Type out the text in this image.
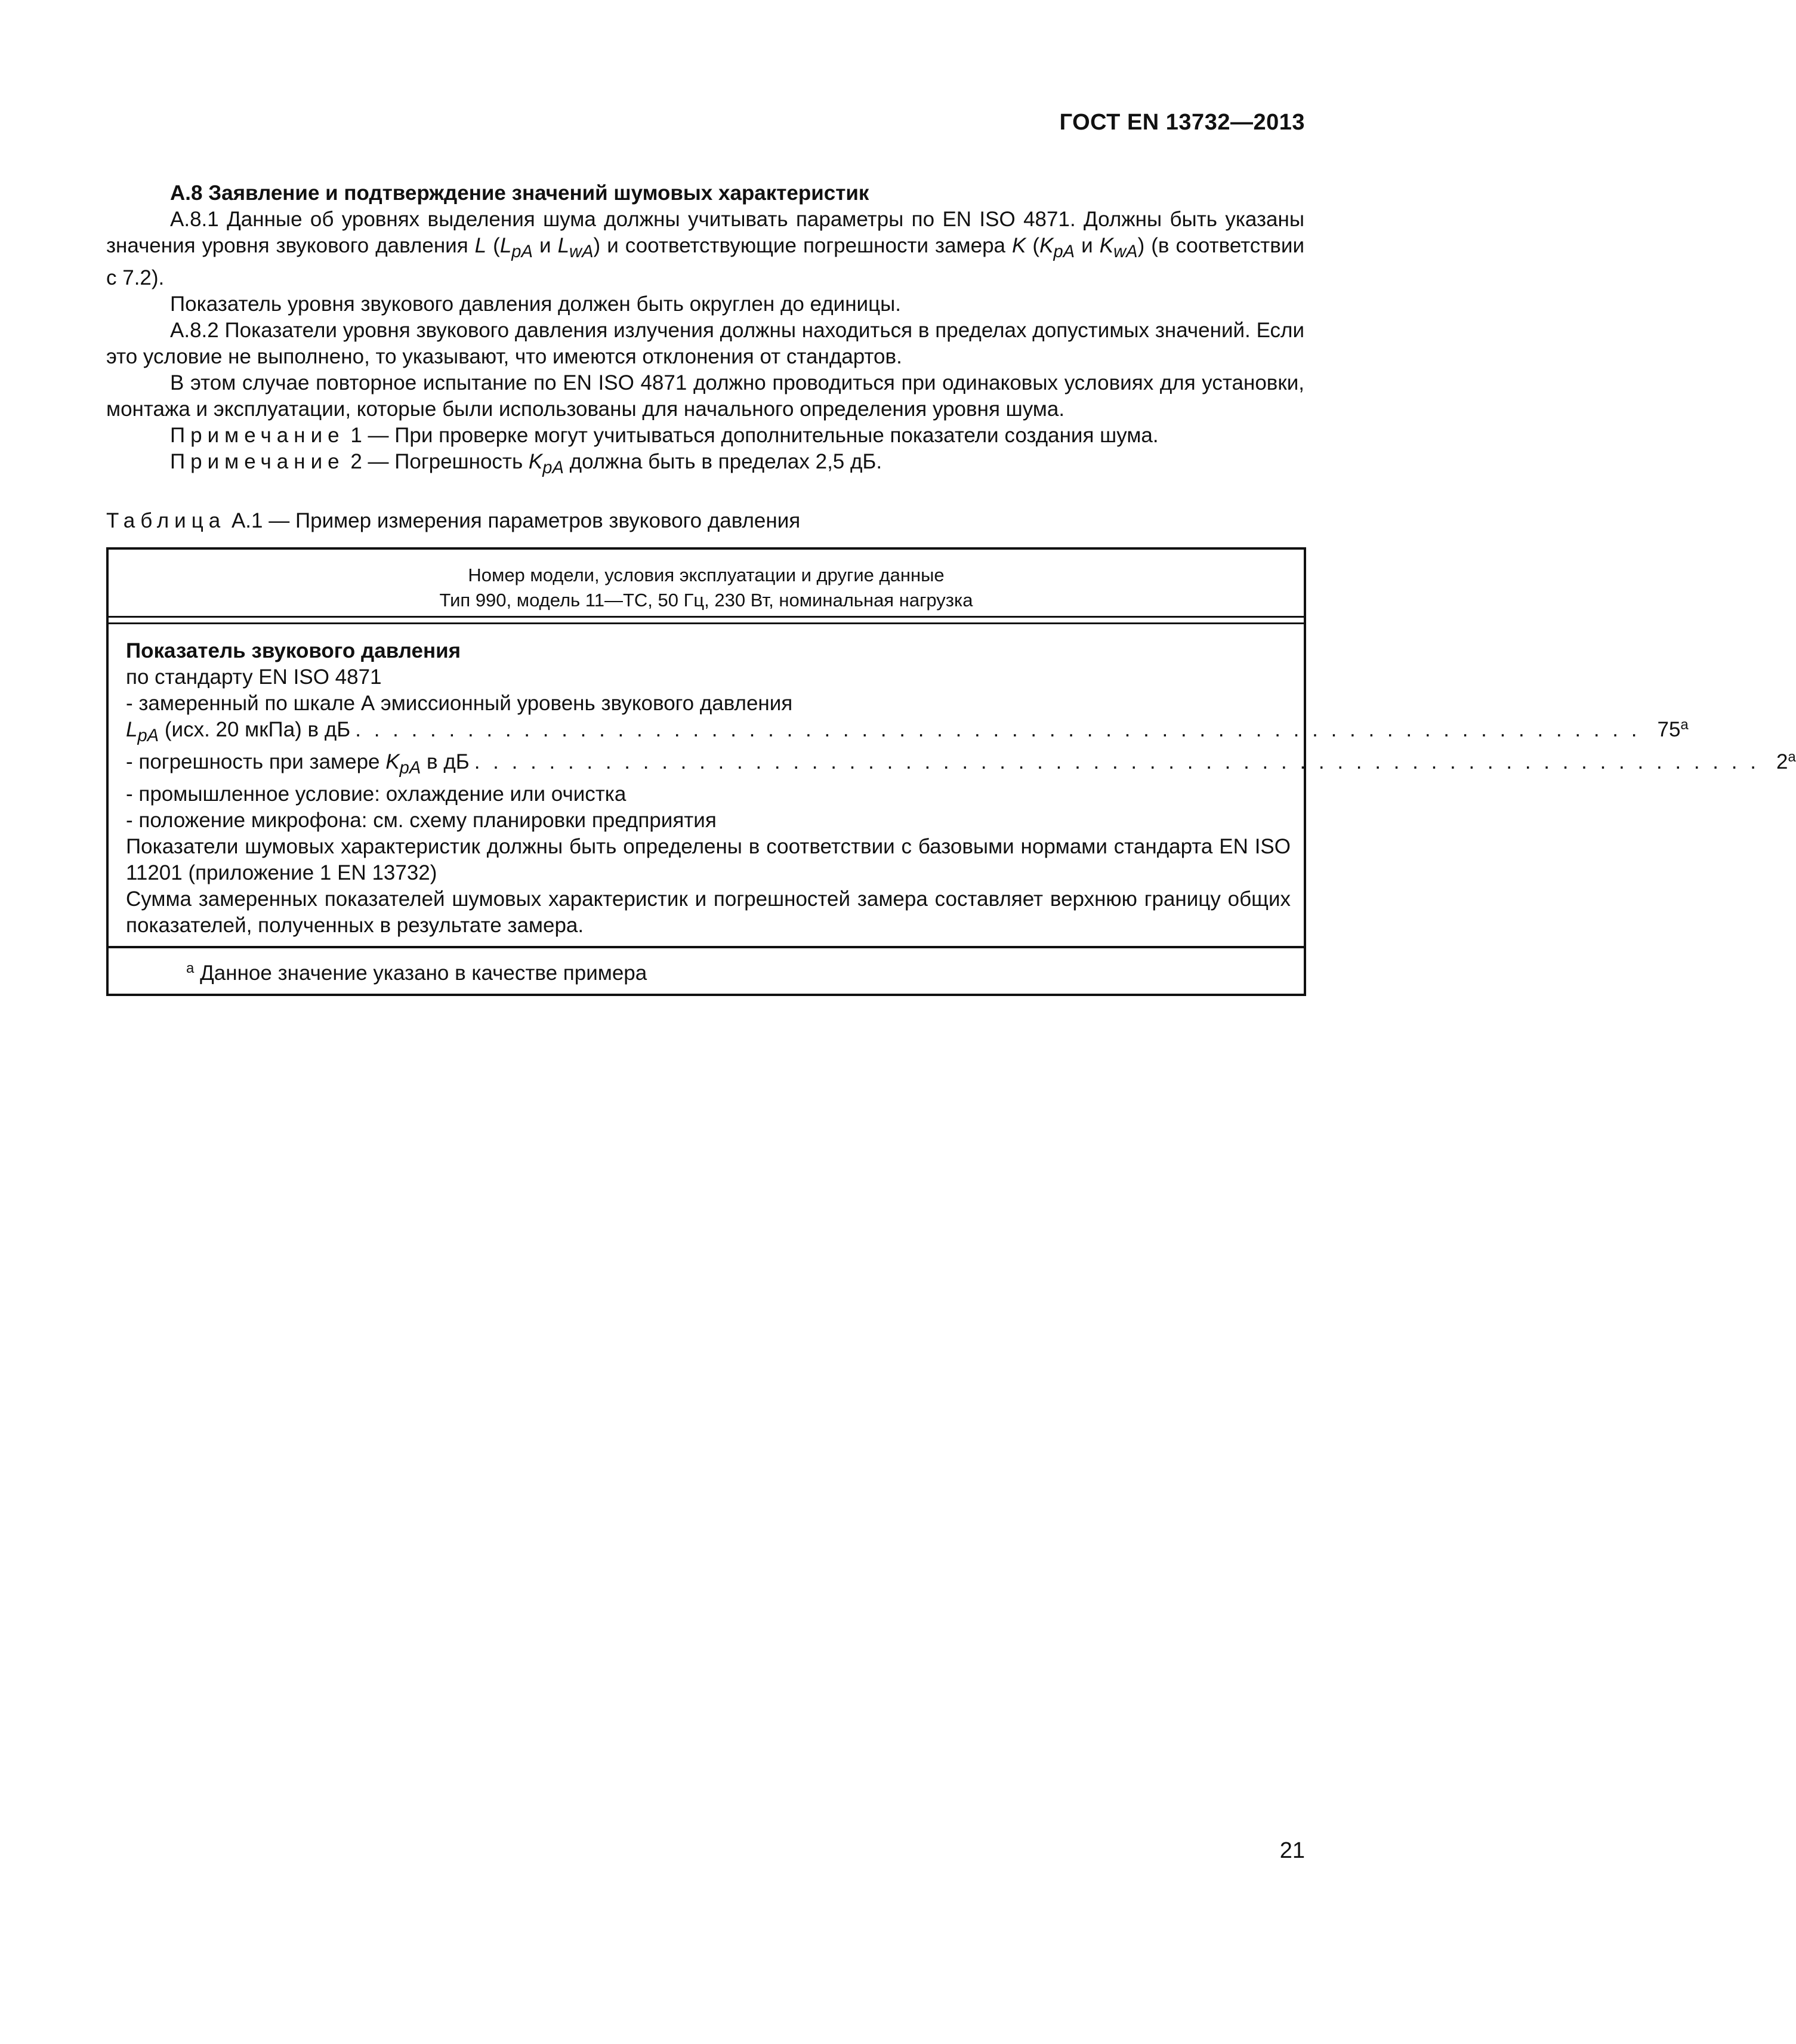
ГОСТ EN 13732—2013

А.8 Заявление и подтверждение значений шумовых характеристик

А.8.1 Данные об уровнях выделения шума должны учитывать параметры по EN ISO 4871. Должны быть указаны значения уровня звукового давления L ($L_{pA}$ и $L_{wA}$) и соответствующие погрешности замера K ($K_{pA}$ и $K_{wA}$) (в соответствии с 7.2).

Показатель уровня звукового давления должен быть округлен до единицы.

А.8.2 Показатели уровня звукового давления излучения должны находиться в пределах допустимых значений. Если это условие не выполнено, то указывают, что имеются отклонения от стандартов.

В этом случае повторное испытание по EN ISO 4871 должно проводиться при одинаковых условиях для установки, монтажа и эксплуатации, которые были использованы для начального определения уровня шума.

Примечание 1 — При проверке могут учитываться дополнительные показатели создания шума.

Примечание 2 — Погрешность $K_{pA}$ должна быть в пределах 2,5 дБ.

Таблица А.1 — Пример измерения параметров звукового давления
Номер модели, условия эксплуатации и другие данные
Тип 990, модель 11—ТС, 50 Гц, 230 Вт, номинальная нагрузка
Показатель звукового давления
по стандарту EN ISO 4871
- замеренный по шкале А эмиссионный уровень звукового давления
$L_{pA}$ (исх. 20 мкПа) в дБ . . . . . . . . . . . . . . . . . . . . . . . . . . . . . . . . . . . . . . . . . . . . . . . . . . . . . . . . . . . . . . . . . . . . . 75$^a$
- погрешность при замере $K_{pA}$ в дБ . . . . . . . . . . . . . . . . . . . . . . . . . . . . . . . . . . . . . . . . . . . . . . . . . . . . . . . . . . . . . . . . . . . . . 2$^a$
- промышленное условие: охлаждение или очистка
- положение микрофона: см. схему планировки предприятия
Показатели шумовых характеристик должны быть определены в соответствии с базовыми нормами стандарта EN ISO 11201 (приложение 1 EN 13732)
Сумма замеренных показателей шумовых характеристик и погрешностей замера составляет верхнюю границу общих показателей, полученных в результате замера.
$^a$ Данное значение указано в качестве примера
21
